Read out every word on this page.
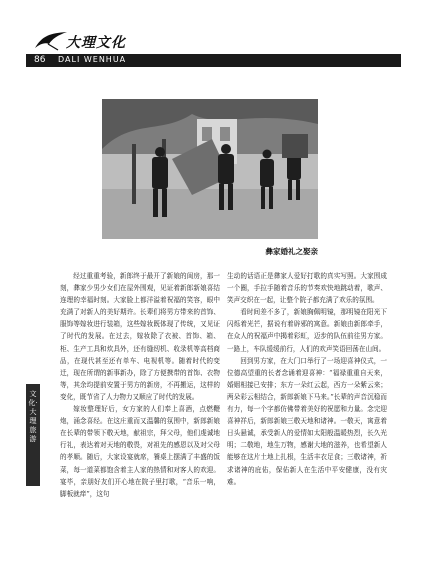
大理文化
86 DALI WENHUA
彝家婚礼之娶亲
文化·大理旅游

经过重重考验，新郎终于最开了新娘的闺房，那一刻，彝家少男少女们在屋外围观，见证着新郎新娘喜结连理的幸福时刻。大家脸上都洋溢着祝福的笑容，眼中充满了对新人的美好期许。长辈们将男方带来的首饰、服饰等嫁妆进行装箱，这些嫁妆既体现了传统，又见证了时代的发展。在过去，嫁妆除了衣被、首饰、箱、柜、生产工具和炊具外，还有缝纫机、收录机等高档商品，在现代甚至还有单车、电视机等。随着时代的变迁，现在所谓的新事新办，除了方便携带的首饰、衣物等，其余均提前安置于男方的新房，不再搬运，这样的变化，既节省了人力物力又顺应了时代的发展。

嫁妆整理好后，女方家的人们奉上喜酒，点燃鞭炮，涌念喜经。在这庄重而又温馨的氛围中，新郎新娘在长辈的带领下敬天地，献祖宗，拜父母，他们虔诚地行礼，表达着对天地的敬畏，对祖先的感恩以及对父母的孝顺。随后，大家设宴就席，饕桌上摆满了丰盛的饭菜，每一道菜都饱含着主人家的热情和对客人的欢迎。宴毕，亲朋好友们开心地在院子里打歌，“音乐一响，脚板就痒”，这句

生动的话语正是彝家人爱好打歌的真实写照。大家围成一个圈，手拉手随着音乐的节奏欢快地跳动着，歌声、笑声交织在一起，让整个院子都充满了欢乐的氛围。

看时间差不多了，新娘胸佩明镜，那明镜在阳光下闪烁着光芒，据说有着辟邪的寓意。新娘由新郎牵手，在众人的祝福声中揭着彩虹，迈步的队伍前往男方家。一路上，车队缓缓前行，人们的欢声笑语回荡在山间。

回到男方家，在大门口举行了一场迎喜神仪式，一位德高望重的长者念诵着迎喜神：“福禄重重自天来，婚姻相接已安排；东方一朵红云起，西方一朵紫云来；两朵彩云相结合，新郎新娘下马来。”长辈的声音沉稳而有力，每一个字都仿佛带着美好的祝愿和力量。念完迎喜神祥后，新郎新娘三敬天地和诸神。一敬天，寓意着日头悬诚，承受新人的爱情如太阳般温暖热烈，长久光明；二敬地，地生万物，感谢大地的滋养，也希望新人能够在这片土地上扎根，生活丰衣足食；三敬诸神，祈求诸神的庇佑，保佑新人在生活中平安健康，没有灾难。
